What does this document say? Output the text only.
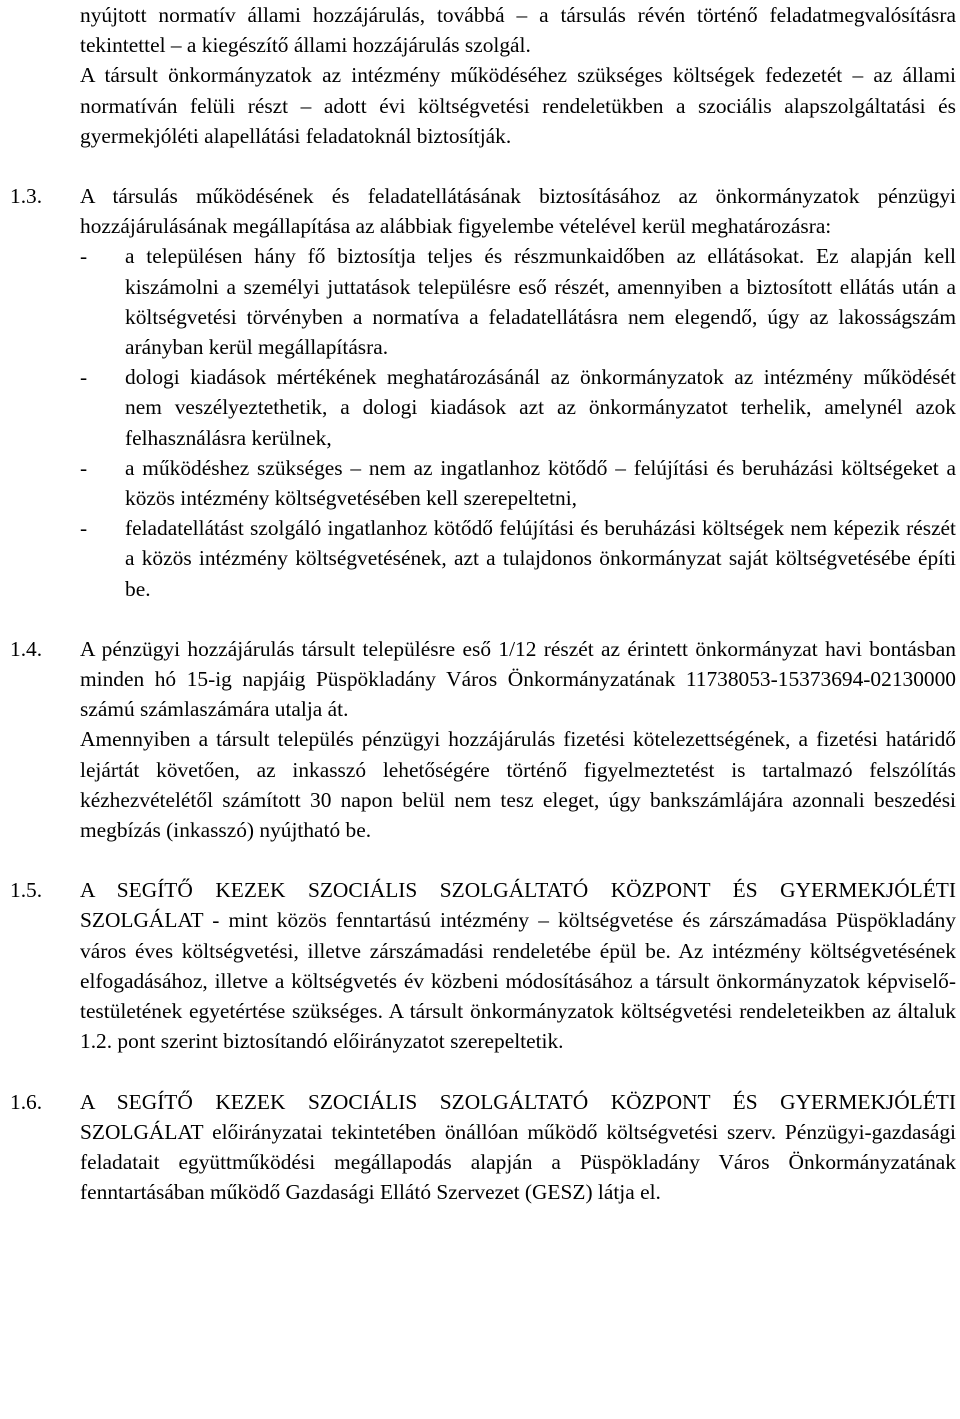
nyújtott normatív állami hozzájárulás, továbbá – a társulás révén történő feladatmegvalósításra tekintettel – a kiegészítő állami hozzájárulás szolgál.

A társult önkormányzatok az intézmény működéséhez szükséges költségek fedezetét – az állami normatíván felüli részt – adott évi költségvetési rendeletükben a szociális alapszolgáltatási és gyermekjóléti alapellátási feladatoknál biztosítják.

1.3.	A társulás működésének és feladatellátásának biztosításához az önkormányzatok pénzügyi hozzájárulásának megállapítása az alábbiak figyelembe vételével kerül meghatározásra:

-	a településen hány fő biztosítja teljes és részmunkaidőben az ellátásokat. Ez alapján kell kiszámolni a személyi juttatások településre eső részét, amennyiben a biztosított ellátás után a költségvetési törvényben a normatíva a feladatellátásra nem elegendő, úgy az lakosságszám arányban kerül megállapításra.
-	dologi kiadások mértékének meghatározásánál az önkormányzatok az intézmény működését nem veszélyeztethetik, a dologi kiadások azt az önkormányzatot terhelik, amelynél azok felhasználásra kerülnek,
-	a működéshez szükséges – nem az ingatlanhoz kötődő – felújítási és beruházási költségeket a közös intézmény költségvetésében kell szerepeltetni,
-	feladatellátást szolgáló ingatlanhoz kötődő felújítási és beruházási költségek nem képezik részét a közös intézmény költségvetésének, azt a tulajdonos önkormányzat saját költségvetésébe építi be.
1.4.	A pénzügyi hozzájárulás társult településre eső 1/12 részét az érintett önkormányzat havi bontásban minden hó 15-ig napjáig Püspökladány Város Önkormányzatának 11738053-15373694-02130000 számú számlaszámára utalja át.

Amennyiben a társult település pénzügyi hozzájárulás fizetési kötelezettségének, a fizetési határidő lejártát követően, az inkasszó lehetőségére történő figyelmeztetést is tartalmazó felszólítás kézhezvételétől számított 30 napon belül nem tesz eleget, úgy bankszámlájára azonnali beszedési megbízás (inkasszó) nyújtható be.

1.5.	A SEGÍTŐ KEZEK SZOCIÁLIS SZOLGÁLTATÓ KÖZPONT ÉS GYERMEKJÓLÉTI SZOLGÁLAT - mint közös fenntartású intézmény – költségvetése és zárszámadása Püspökladány város éves költségvetési, illetve zárszámadási rendeletébe épül be. Az intézmény költségvetésének elfogadásához, illetve a költségvetés év közbeni módosításához a társult önkormányzatok képviselő-testületének egyetértése szükséges. A társult önkormányzatok költségvetési rendeleteikben az általuk 1.2. pont szerint biztosítandó előirányzatot szerepeltetik.

1.6.	A SEGÍTŐ KEZEK SZOCIÁLIS SZOLGÁLTATÓ KÖZPONT ÉS GYERMEKJÓLÉTI SZOLGÁLAT előirányzatai tekintetében önállóan működő költségvetési szerv. Pénzügyi-gazdasági feladatait együttműködési megállapodás alapján a Püspökladány Város Önkormányzatának fenntartásában működő Gazdasági Ellátó Szervezet (GESZ) látja el.
